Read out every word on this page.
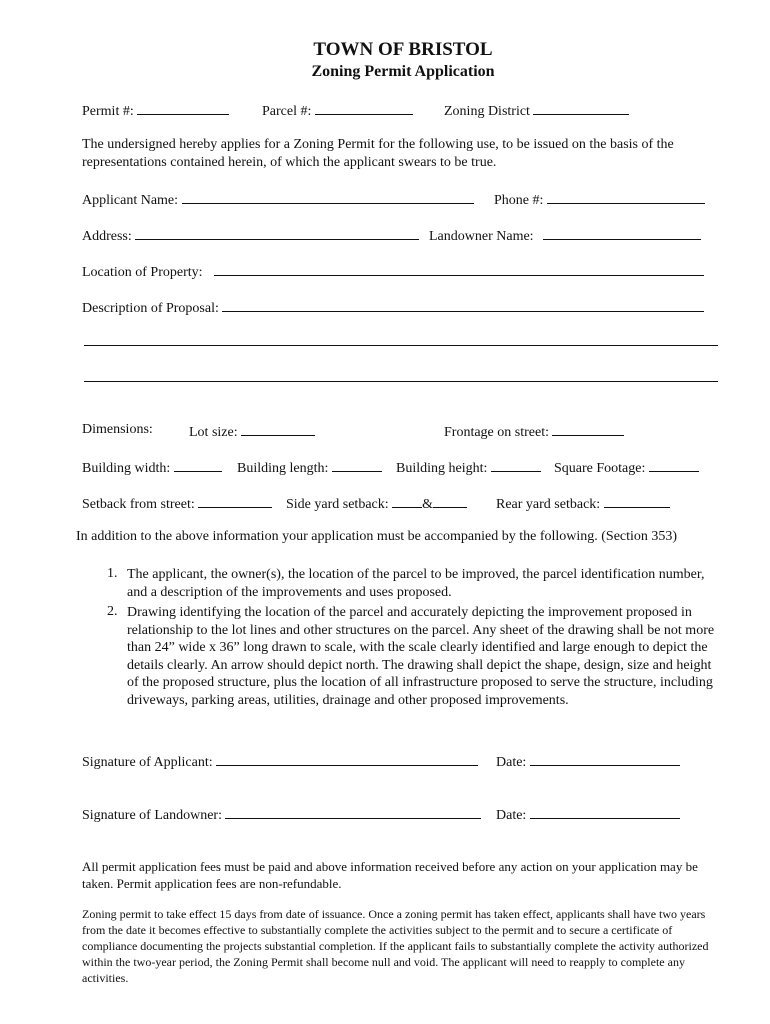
TOWN OF BRISTOL
Zoning Permit Application
Permit #:	Parcel #:	Zoning District
The undersigned hereby applies for a Zoning Permit for the following use, to be issued on the basis of the representations contained herein, of which the applicant swears to be true.
Applicant Name:	Phone #:
Address:	Landowner Name:
Location of Property:
Description of Proposal:
Dimensions:	Lot size:	Frontage on street:
Building width:	Building length:	Building height:	Square Footage:
Setback from street:	Side yard setback: &	Rear yard setback:
In addition to the above information your application must be accompanied by the following. (Section 353)
1. The applicant, the owner(s), the location of the parcel to be improved, the parcel identification number, and a description of the improvements and uses proposed.
2. Drawing identifying the location of the parcel and accurately depicting the improvement proposed in relationship to the lot lines and other structures on the parcel. Any sheet of the drawing shall be not more than 24” wide x 36” long drawn to scale, with the scale clearly identified and large enough to depict the details clearly. An arrow should depict north. The drawing shall depict the shape, design, size and height of the proposed structure, plus the location of all infrastructure proposed to serve the structure, including driveways, parking areas, utilities, drainage and other proposed improvements.
Signature of Applicant:	Date:
Signature of Landowner:	Date:
All permit application fees must be paid and above information received before any action on your application may be taken. Permit application fees are non-refundable.
Zoning permit to take effect 15 days from date of issuance. Once a zoning permit has taken effect, applicants shall have two years from the date it becomes effective to substantially complete the activities subject to the permit and to secure a certificate of compliance documenting the projects substantial completion. If the applicant fails to substantially complete the activity authorized within the two-year period, the Zoning Permit shall become null and void. The applicant will need to reapply to complete any activities.
